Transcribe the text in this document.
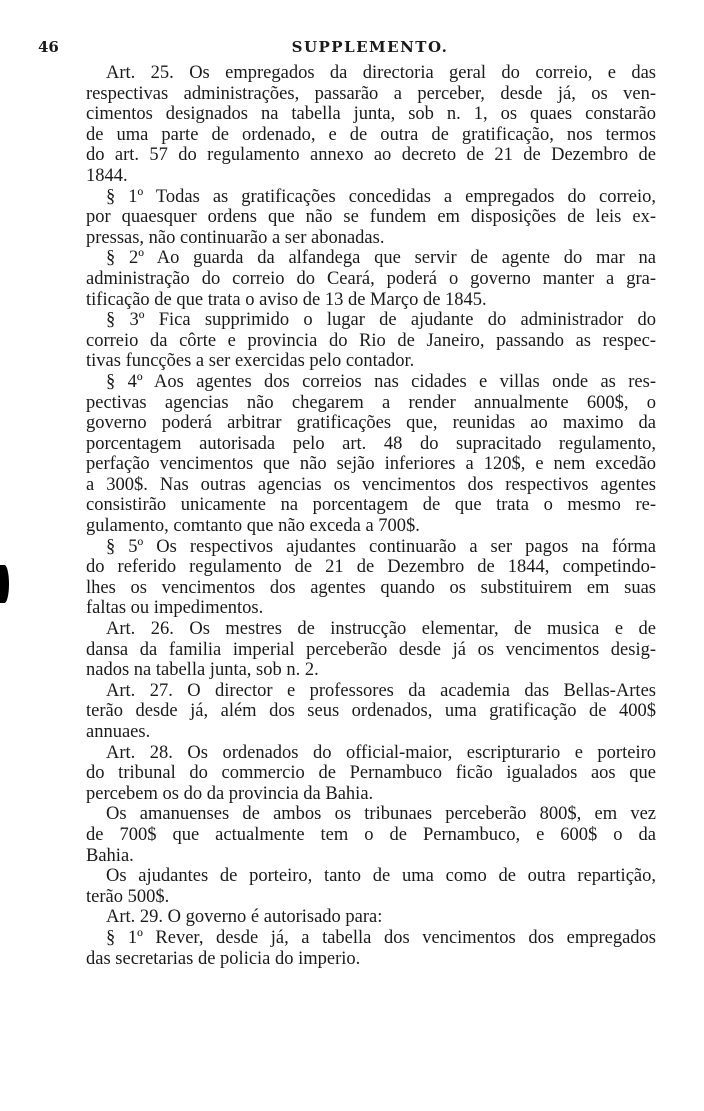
46	SUPPLEMENTO.
Art. 25. Os empregados da directoria geral do correio, e das
respectivas administrações, passarão a perceber, desde já, os ven-
cimentos designados na tabella junta, sob n. 1, os quaes constarão
de uma parte de ordenado, e de outra de gratificação, nos termos
do art. 57 do regulamento annexo ao decreto de 21 de Dezembro de
1844.
§ 1º Todas as gratificações concedidas a empregados do correio,
por quaesquer ordens que não se fundem em disposições de leis ex-
pressas, não continuarão a ser abonadas.
§ 2º Ao guarda da alfandega que servir de agente do mar na
administração do correio do Ceará, poderá o governo manter a gra-
tificação de que trata o aviso de 13 de Março de 1845.
§ 3º Fica supprimido o lugar de ajudante do administrador do
correio da côrte e provincia do Rio de Janeiro, passando as respec-
tivas funcções a ser exercidas pelo contador.
§ 4º Aos agentes dos correios nas cidades e villas onde as res-
pectivas agencias não chegarem a render annualmente 600$, o
governo poderá arbitrar gratificações que, reunidas ao maximo da
porcentagem autorisada pelo art. 48 do supracitado regulamento,
perfação vencimentos que não sejão inferiores a 120$, e nem excedão
a 300$. Nas outras agencias os vencimentos dos respectivos agentes
consistirão unicamente na porcentagem de que trata o mesmo re-
gulamento, comtanto que não exceda a 700$.
§ 5º Os respectivos ajudantes continuarão a ser pagos na fórma
do referido regulamento de 21 de Dezembro de 1844, competindo-
lhes os vencimentos dos agentes quando os substituirem em suas
faltas ou impedimentos.
Art. 26. Os mestres de instrucção elementar, de musica e de
dansa da familia imperial perceberão desde já os vencimentos desig-
nados na tabella junta, sob n. 2.
Art. 27. O director e professores da academia das Bellas-Artes
terão desde já, além dos seus ordenados, uma gratificação de 400$
annuaes.
Art. 28. Os ordenados do official-maior, escripturario e porteiro
do tribunal do commercio de Pernambuco ficão igualados aos que
percebem os do da provincia da Bahia.
Os amanuenses de ambos os tribunaes perceberão 800$, em vez
de 700$ que actualmente tem o de Pernambuco, e 600$ o da
Bahia.
Os ajudantes de porteiro, tanto de uma como de outra repartição,
terão 500$.
Art. 29. O governo é autorisado para:
§ 1º Rever, desde já, a tabella dos vencimentos dos empregados
das secretarias de policia do imperio.
